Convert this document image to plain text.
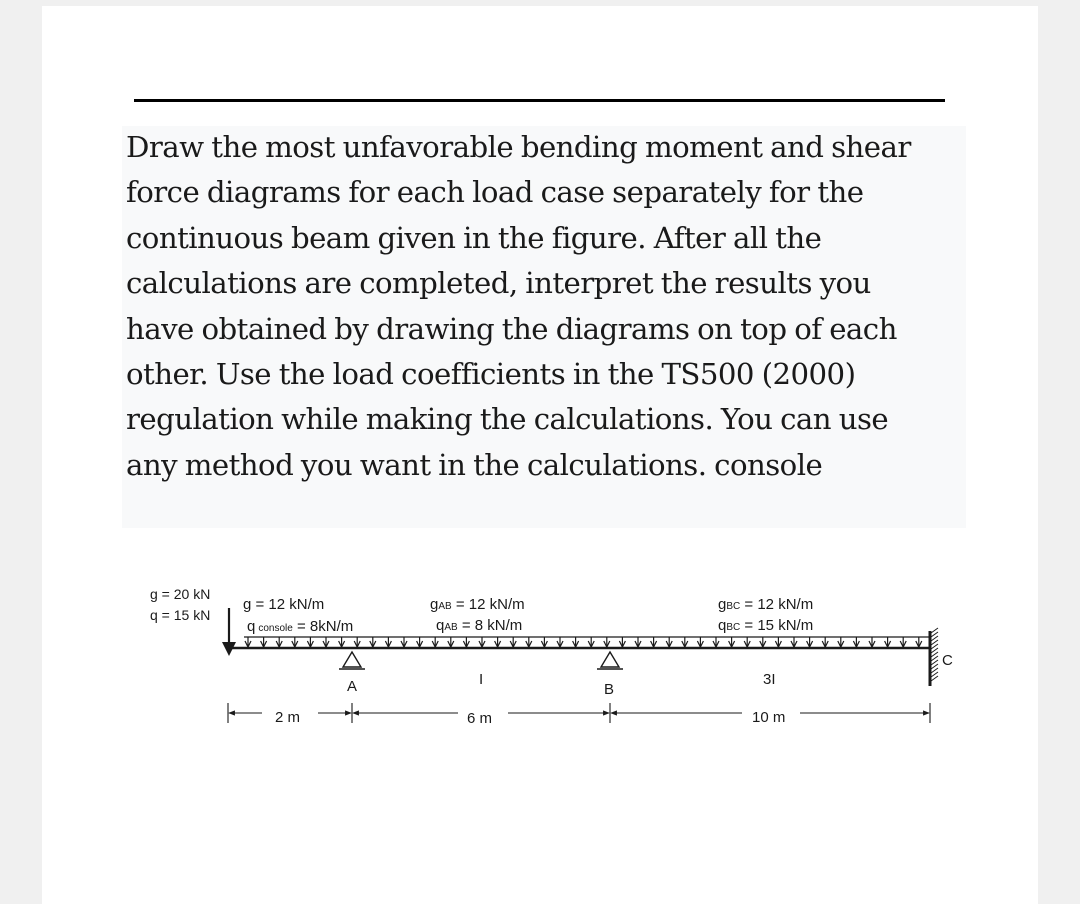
Draw the most unfavorable bending moment and shear
force diagrams for each load case separately for the
continuous beam given in the figure. After all the
calculations are completed, interpret the results you
have obtained by drawing the diagrams on top of each
other. Use the load coefficients in the TS500 (2000)
regulation while making the calculations. You can use
any method you want in the calculations. console

g = 20 kN
q = 15 kN
g = 12 kN/m
qconsole = 8kN/m
gAB = 12 kN/m
qAB = 8 kN/m
gBC = 12 kN/m
qBC = 15 kN/m
A	B
C
I	3I
2 m	6 m	10 m
